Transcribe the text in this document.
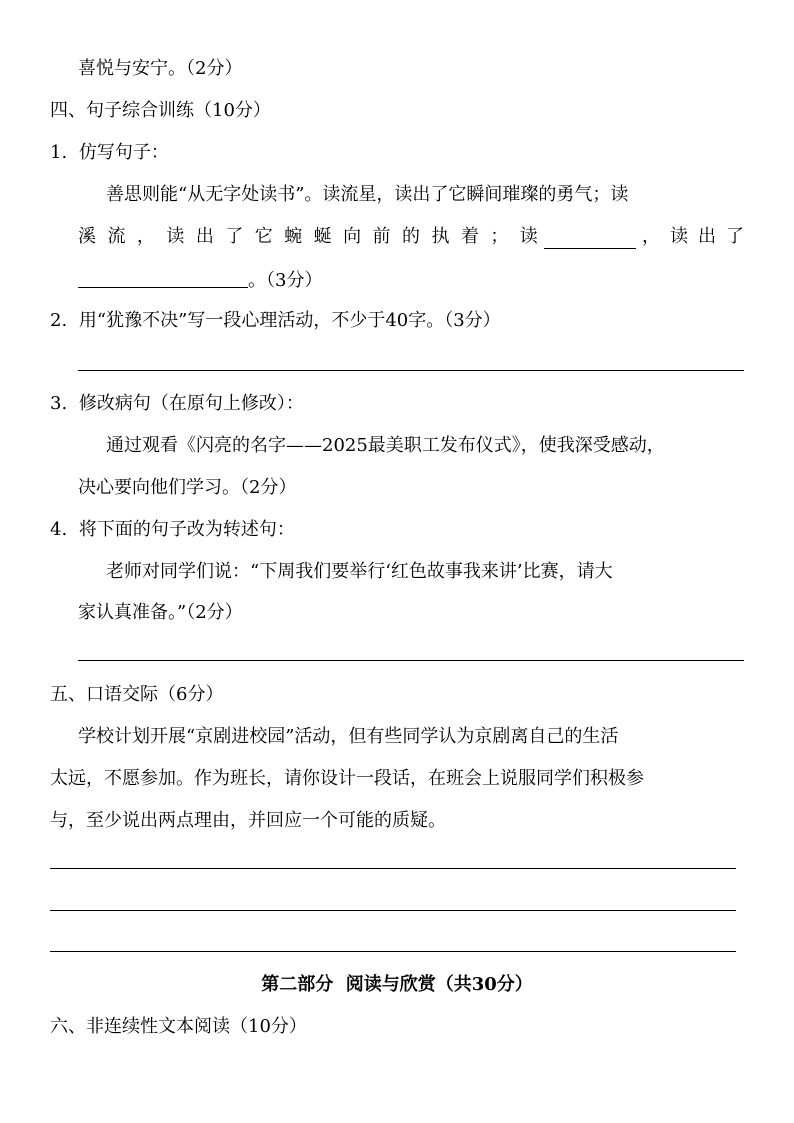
喜悦与安宁。（2分）
四、句子综合训练（10分）
1. 仿写句子：
善思则能“从无字处读书”。读流星，读出了它瞬间璀璨的勇气；读
溪 流 ， 读 出 了 它 蜿 蜒 向 前 的 执 着 ； 读	， 读 出 了
。（3分）
2. 用“犹豫不决”写一段心理活动，不少于40字。（3分）
3. 修改病句（在原句上修改）：
通过观看《闪亮的名字——2025最美职工发布仪式》，使我深受感动，
决心要向他们学习。（2分）
4. 将下面的句子改为转述句：
老师对同学们说：“下周我们要举行‘红色故事我来讲’比赛，请大
家认真准备。”（2分）
五、口语交际（6分）
学校计划开展“京剧进校园”活动，但有些同学认为京剧离自己的生活
太远，不愿参加。作为班长，请你设计一段话，在班会上说服同学们积极参
与，至少说出两点理由，并回应一个可能的质疑。
第二部分  阅读与欣赏（共30分）
六、非连续性文本阅读（10分）
